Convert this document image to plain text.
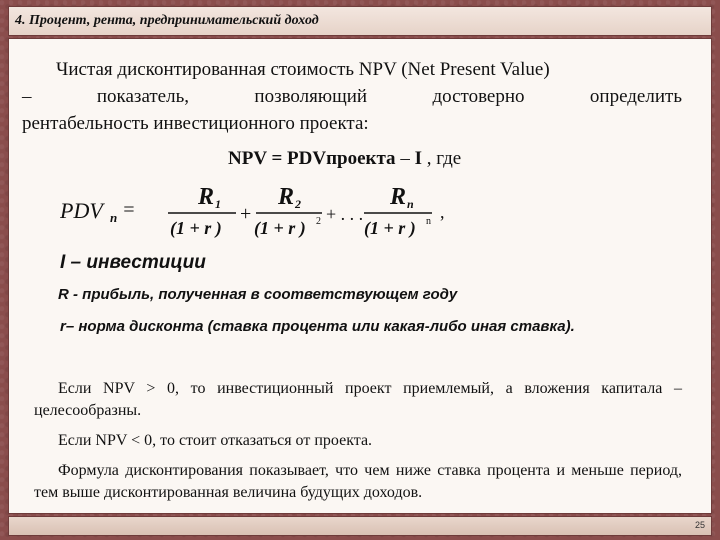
4. Процент, рента, предпринимательский доход
Чистая дисконтированная стоимость NPV (Net Present Value)
– показатель, позволяющий достоверно определить
рентабельность инвестиционного проекта:
NPV = PDVпроекта – I , где
PDV п =	R 1
(1 + r )
+
R 2
(1 + r ) 2 + . . .
R n
(1 + r ) n ,
I – инвестиции
R - прибыль, полученная в соответствующем году
r– норма дисконта (ставка процента или какая-либо иная ставка).
Если NPV > 0, то инвестиционный проект приемлемый, а вложения капитала – целесообразны.
Если NPV < 0, то стоит отказаться от проекта.
Формула дисконтирования показывает, что чем ниже ставка процента и меньше период, тем выше дисконтированная величина будущих доходов.
25
